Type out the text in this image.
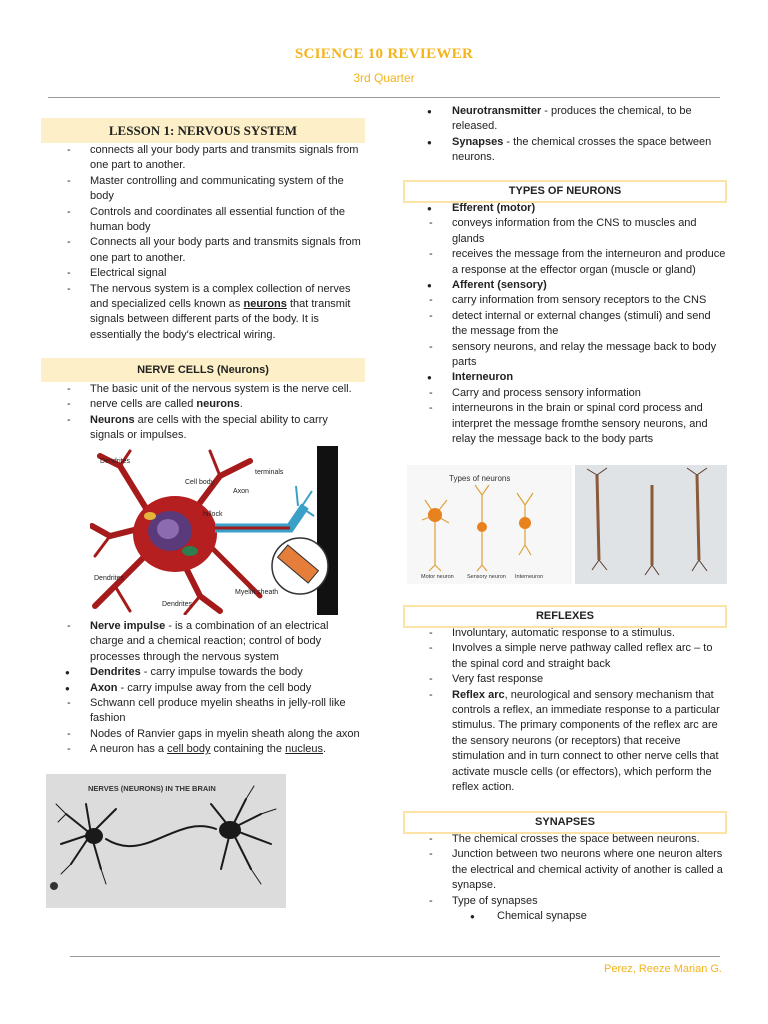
SCIENCE 10 REVIEWER
3rd Quarter
LESSON 1: NERVOUS SYSTEM
- connects all your body parts and transmits signals from one part to another.
- Master controlling and communicating system of the body
- Controls and coordinates all essential function of the human body
- Connects all your body parts and transmits signals from one part to another.
- Electrical signal
- The nervous system is a complex collection of nerves and specialized cells known as neurons that transmit signals between different parts of the body. It is essentially the body's electrical wiring.
NERVE CELLS (Neurons)
- The basic unit of the nervous system is the nerve cell.
- nerve cells are called neurons.
- Neurons are cells with the special ability to carry signals or impulses.
Dendrites
Cell body
Axon
terminals
hillock
Dendrites
Myelin sheath
Dendrites
- Nerve impulse - is a combination of an electrical charge and a chemical reaction; control of body processes through the nervous system
● Dendrites - carry impulse towards the body
● Axon - carry impulse away from the cell body
- Schwann cell produce myelin sheaths in jelly-roll like fashion
- Nodes of Ranvier gaps in myelin sheath along the axon
- A neuron has a cell body containing the nucleus.
NERVES (NEURONS) IN THE BRAIN
● Neurotransmitter - produces the chemical, to be released.
● Synapses - the chemical crosses the space between neurons.
TYPES OF NEURONS
● Efferent (motor)
- conveys information from the CNS to muscles and glands
- receives the message from the interneuron and produce a response at the effector organ (muscle or gland)
● Afferent (sensory)
- carry information from sensory receptors to the CNS
- detect internal or external changes (stimuli) and send the message from the
- sensory neurons, and relay the message back to body parts
● Interneuron
- Carry and process sensory information
- interneurons in the brain or spinal cord process and interpret the message fromthe sensory neurons, and relay the message back to the body parts
Types of neurons
Motor neuron Sensory neuron Interneuron
REFLEXES
- Involuntary, automatic response to a stimulus.
- Involves a simple nerve pathway called reflex arc – to the spinal cord and straight back
- Very fast response
- Reflex arc, neurological and sensory mechanism that controls a reflex, an immediate response to a particular stimulus. The primary components of the reflex arc are the sensory neurons (or receptors) that receive stimulation and in turn connect to other nerve cells that activate muscle cells (or effectors), which perform the reflex action.
SYNAPSES
- The chemical crosses the space between neurons.
- Junction between two neurons where one neuron alters the electrical and chemical activity of another is called a synapse.
- Type of synapses
● Chemical synapse
Perez, Reeze Marian G.
